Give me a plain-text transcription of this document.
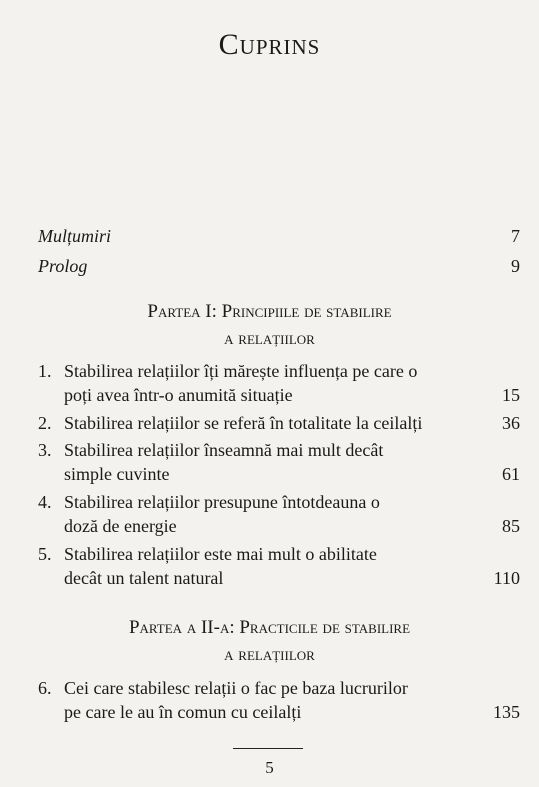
Cuprins
Mulțumiri	7
Prolog	9
Partea I: Principiile de stabilire
a relațiilor
1. Stabilirea relațiilor îți mărește influența pe care o
poți avea într-o anumită situație	15
2. Stabilirea relațiilor se referă în totalitate la ceilalți	36
3. Stabilirea relațiilor înseamnă mai mult decât
simple cuvinte	61
4. Stabilirea relațiilor presupune întotdeauna o
doză de energie	85
5. Stabilirea relațiilor este mai mult o abilitate
decât un talent natural	110
Partea a II-a: Practicile de stabilire
a relațiilor
6. Cei care stabilesc relații o fac pe baza lucrurilor
pe care le au în comun cu ceilalți	135
5
